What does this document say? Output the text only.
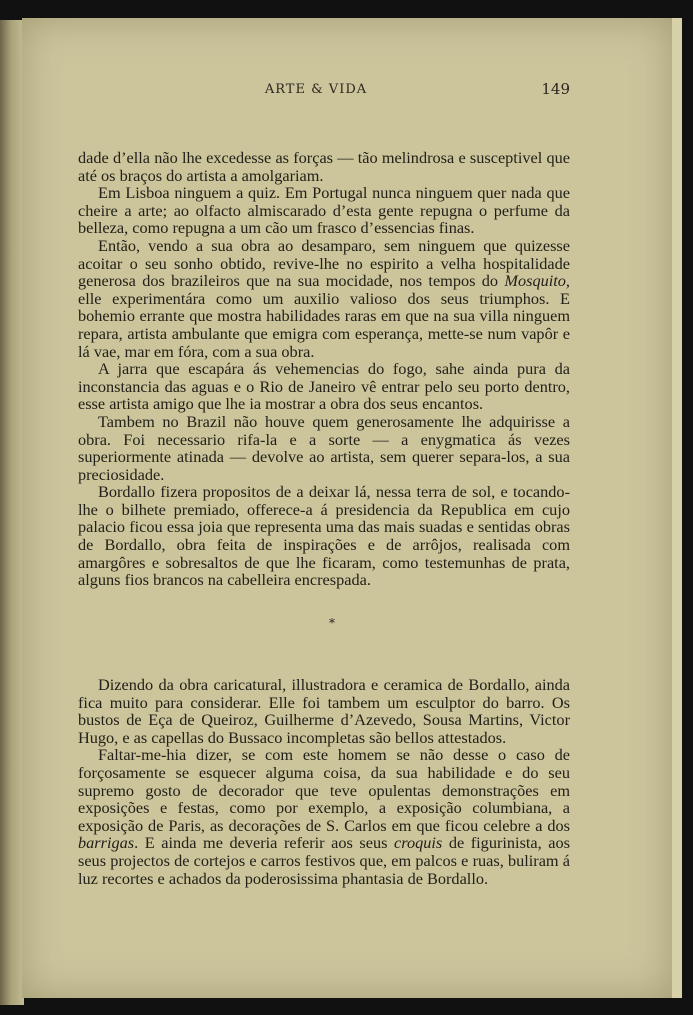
ARTE & VIDA	149

dade d’ella não lhe excedesse as forças — tão melindrosa e susceptivel que até os braços do artista a amolgariam.

Em Lisboa ninguem a quiz. Em Portugal nunca ninguem quer nada que cheire a arte; ao olfacto almiscarado d’esta gente repugna o perfume da belleza, como repugna a um cão um frasco d’essencias finas.

Então, vendo a sua obra ao desamparo, sem ninguem que quizesse acoitar o seu sonho obtido, revive-lhe no espirito a velha hospitalidade generosa dos brazileiros que na sua mocidade, nos tempos do Mosquito, elle experimentára como um auxilio valioso dos seus triumphos. E bohemio errante que mostra habilidades raras em que na sua villa ninguem repara, artista ambulante que emigra com esperança, mette-se num vapôr e lá vae, mar em fóra, com a sua obra.

A jarra que escapára ás vehemencias do fogo, sahe ainda pura da inconstancia das aguas e o Rio de Janeiro vê entrar pelo seu porto dentro, esse artista amigo que lhe ia mostrar a obra dos seus encantos.

Tambem no Brazil não houve quem generosamente lhe adquirisse a obra. Foi necessario rifa-la e a sorte — a enygmatica ás vezes superiormente atinada — devolve ao artista, sem querer separa-los, a sua preciosidade.

Bordallo fizera propositos de a deixar lá, nessa terra de sol, e tocando-lhe o bilhete premiado, offerece-a á presidencia da Republica em cujo palacio ficou essa joia que representa uma das mais suadas e sentidas obras de Bordallo, obra feita de inspirações e de arrôjos, realisada com amargôres e sobresaltos de que lhe ficaram, como testemunhas de prata, alguns fios brancos na cabelleira encrespada.

*

Dizendo da obra caricatural, illustradora e ceramica de Bordallo, ainda fica muito para considerar. Elle foi tambem um esculptor do barro. Os bustos de Eça de Queiroz, Guilherme d’Azevedo, Sousa Martins, Victor Hugo, e as capellas do Bussaco incompletas são bellos attestados.

Faltar-me-hia dizer, se com este homem se não desse o caso de forçosamente se esquecer alguma coisa, da sua habilidade e do seu supremo gosto de decorador que teve opulentas demonstrações em exposições e festas, como por exemplo, a exposição columbiana, a exposição de Paris, as decorações de S. Carlos em que ficou celebre a dos barrigas. E ainda me deveria referir aos seus croquis de figurinista, aos seus projectos de cortejos e carros festivos que, em palcos e ruas, buliram á luz recortes e achados da poderosissima phantasia de Bordallo.
